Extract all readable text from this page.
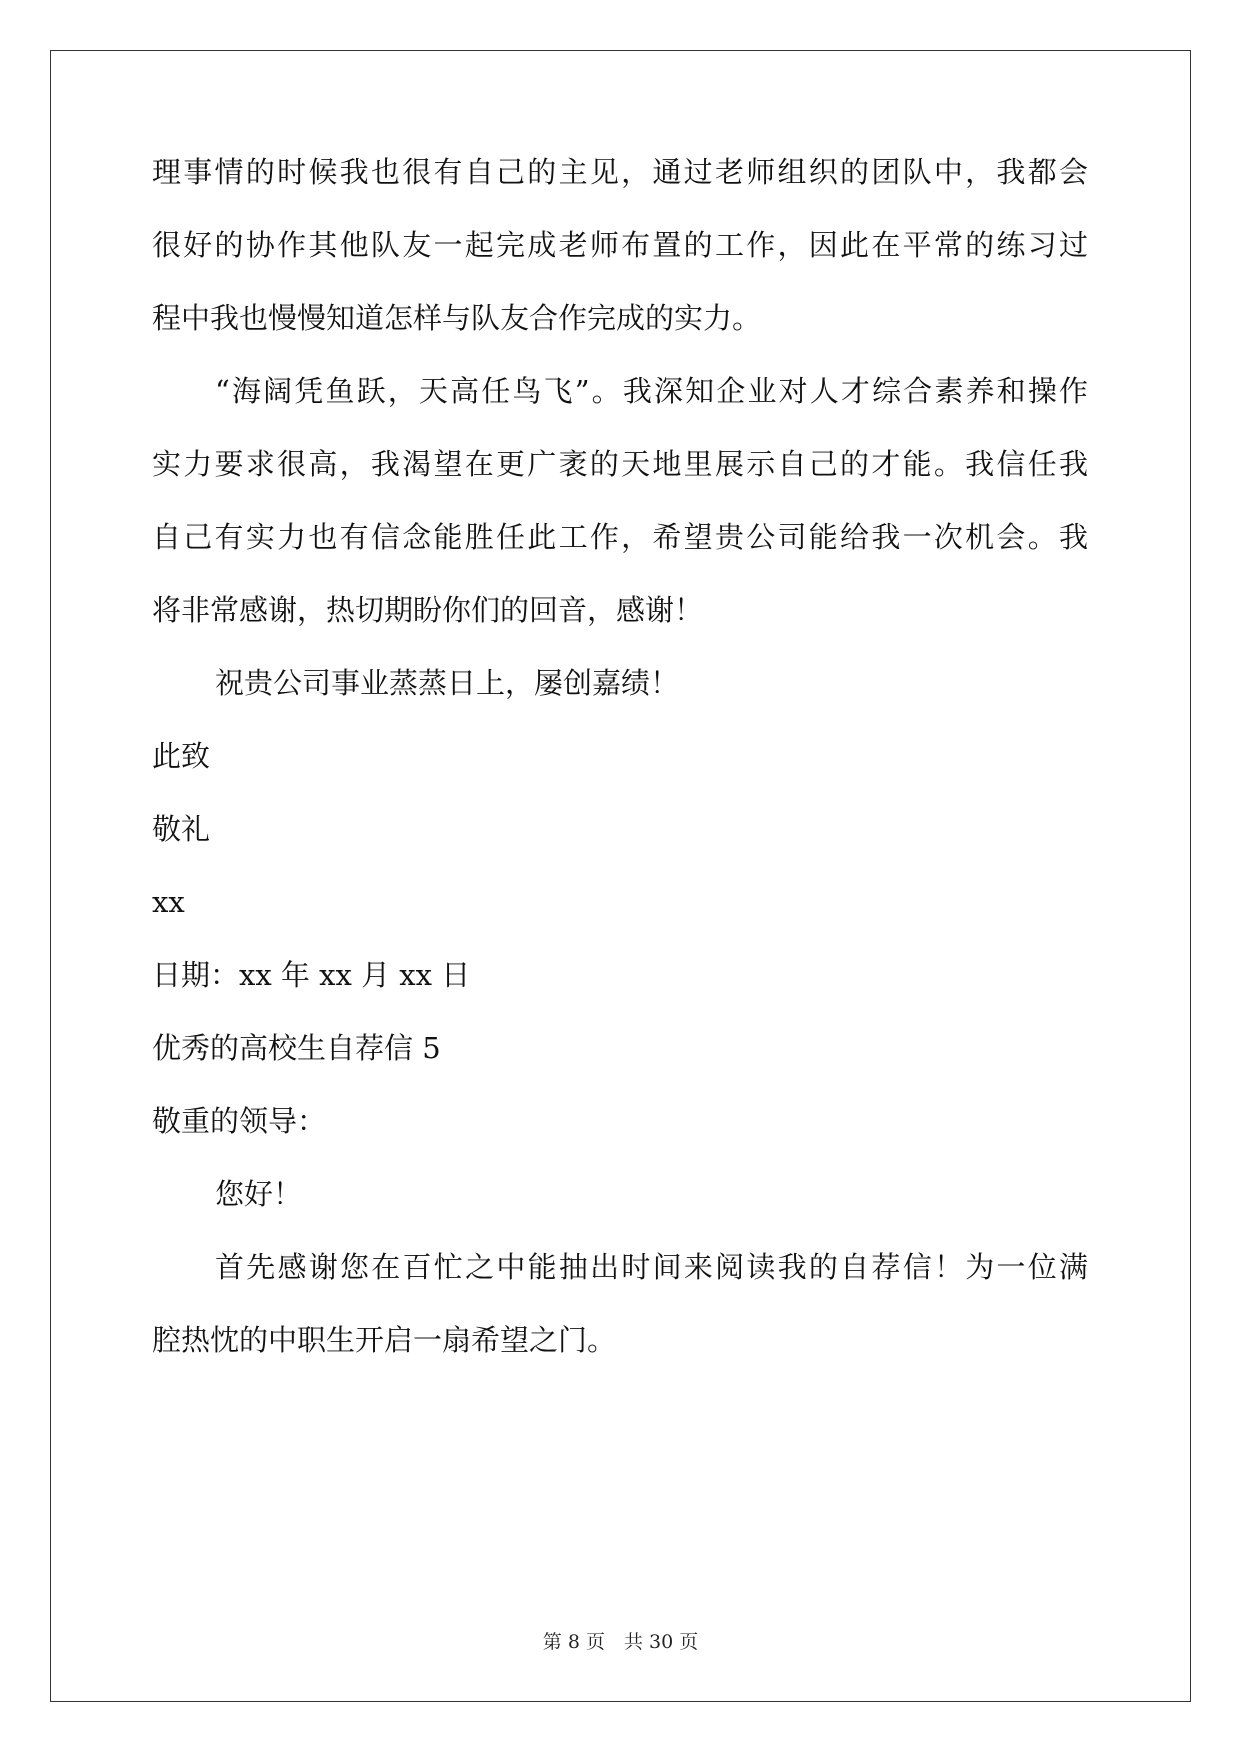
理事情的时候我也很有自己的主见，通过老师组织的团队中，我都会
很好的协作其他队友一起完成老师布置的工作，因此在平常的练习过
程中我也慢慢知道怎样与队友合作完成的实力。
“海阔凭鱼跃，天高任鸟飞”。我深知企业对人才综合素养和操作
实力要求很高，我渴望在更广袤的天地里展示自己的才能。我信任我
自己有实力也有信念能胜任此工作，希望贵公司能给我一次机会。我
将非常感谢，热切期盼你们的回音，感谢！
祝贵公司事业蒸蒸日上，屡创嘉绩！
此致
敬礼
xx
日期：xx 年 xx 月 xx 日
优秀的高校生自荐信 5
敬重的领导：
您好！
首先感谢您在百忙之中能抽出时间来阅读我的自荐信！为一位满
腔热忱的中职生开启一扇希望之门。
第 8 页　共 30 页
